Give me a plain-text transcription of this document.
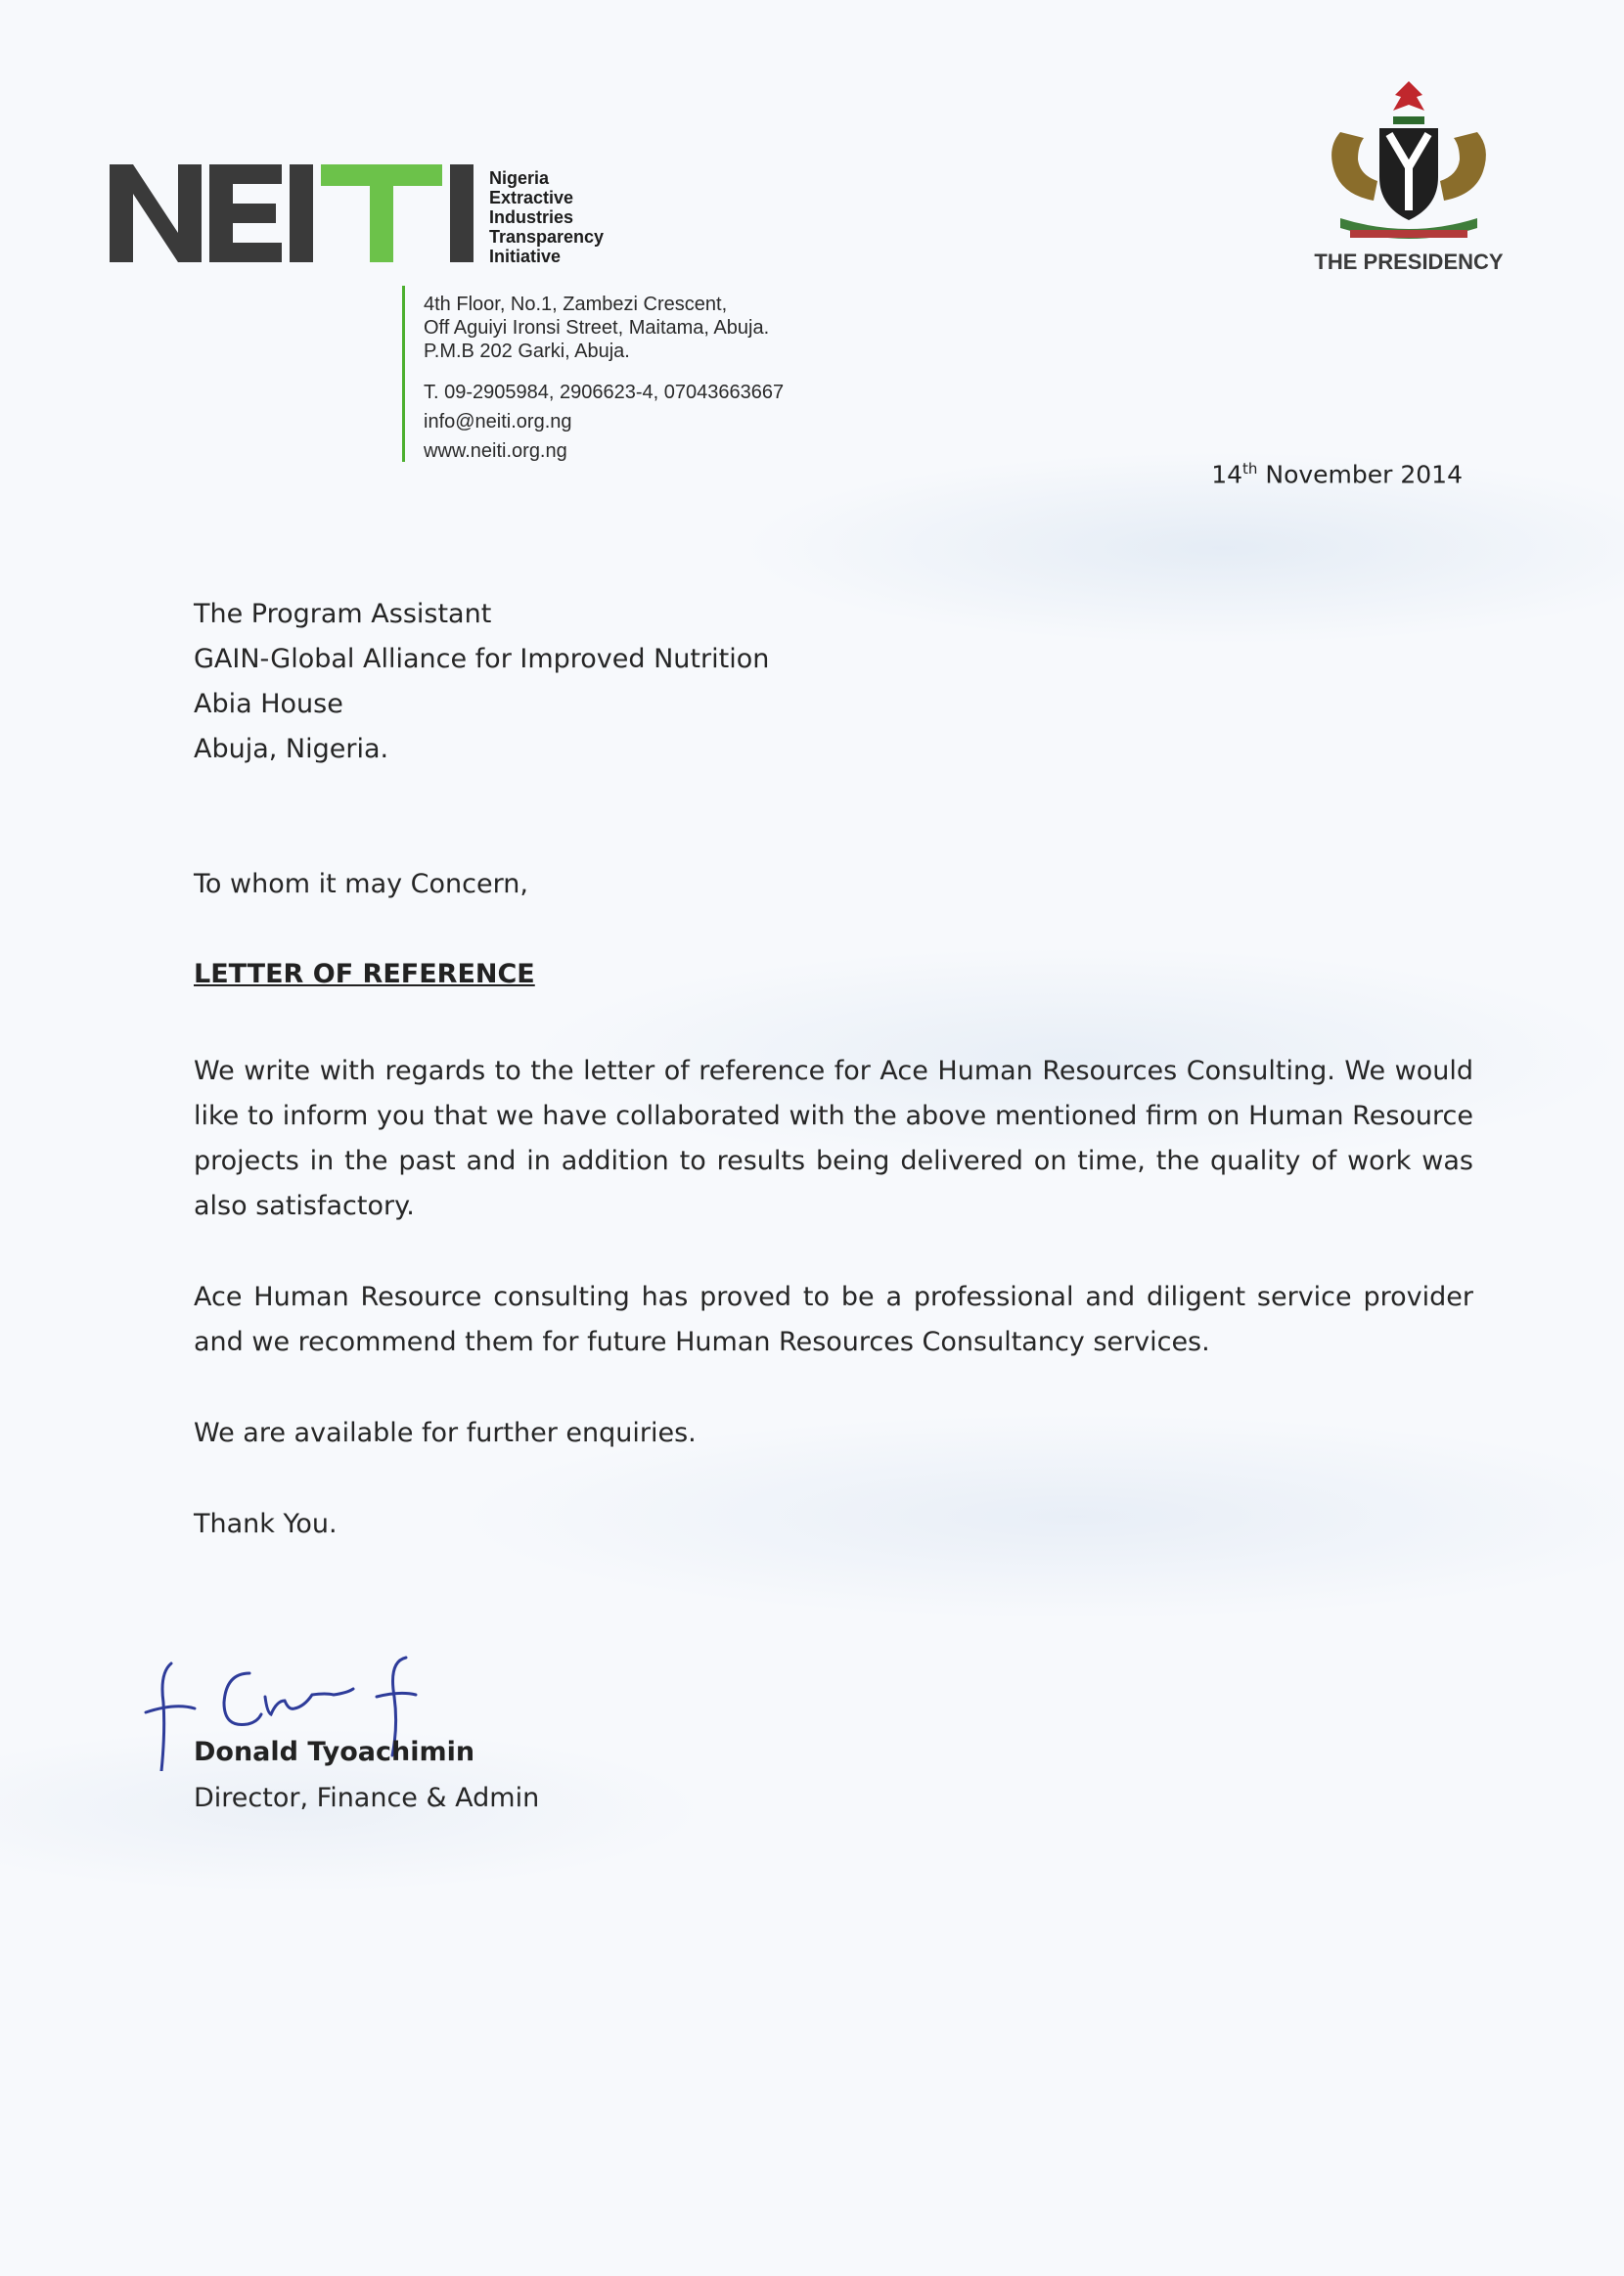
Nigeria
Extractive
Industries
Transparency
Initiative
4th Floor, No.1, Zambezi Crescent,
Off Aguiyi Ironsi Street, Maitama, Abuja.
P.M.B 202 Garki, Abuja.
T. 09-2905984, 2906623-4, 07043663667
info@neiti.org.ng
www.neiti.org.ng
THE PRESIDENCY
14th November 2014
The Program Assistant
GAIN-Global Alliance for Improved Nutrition
Abia House
Abuja, Nigeria.
To whom it may Concern,
LETTER OF REFERENCE
We write with regards to the letter of reference for Ace Human Resources Consulting. We would like to inform you that we have collaborated with the above mentioned firm on Human Resource projects in the past and in addition to results being delivered on time, the quality of work was also satisfactory.
Ace Human Resource consulting has proved to be a professional and diligent service provider and we recommend them for future Human Resources Consultancy services.
We are available for further enquiries.
Thank You.
Donald Tyoachimin
Director, Finance & Admin
